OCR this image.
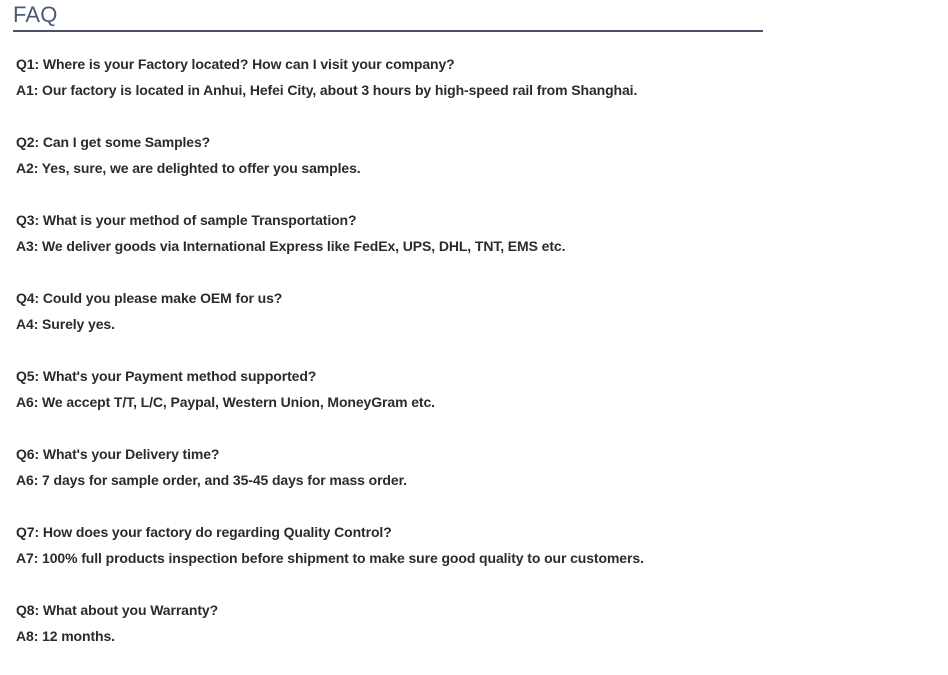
FAQ
Q1: Where is your Factory located? How can I visit your company?
A1: Our factory is located in Anhui, Hefei City, about 3 hours by high-speed rail from Shanghai.
Q2: Can I get some Samples?
A2: Yes, sure, we are delighted to offer you samples.
Q3: What is your method of sample Transportation?
A3: We deliver goods via International Express like FedEx, UPS, DHL, TNT, EMS etc.
Q4: Could you please make OEM for us?
A4: Surely yes.
Q5: What's your Payment method supported?
A6: We accept T/T, L/C, Paypal, Western Union, MoneyGram etc.
Q6: What's your Delivery time?
A6: 7 days for sample order, and 35-45 days for mass order.
Q7: How does your factory do regarding Quality Control?
A7: 100% full products inspection before shipment to make sure good quality to our customers.
Q8: What about you Warranty?
A8: 12 months.
